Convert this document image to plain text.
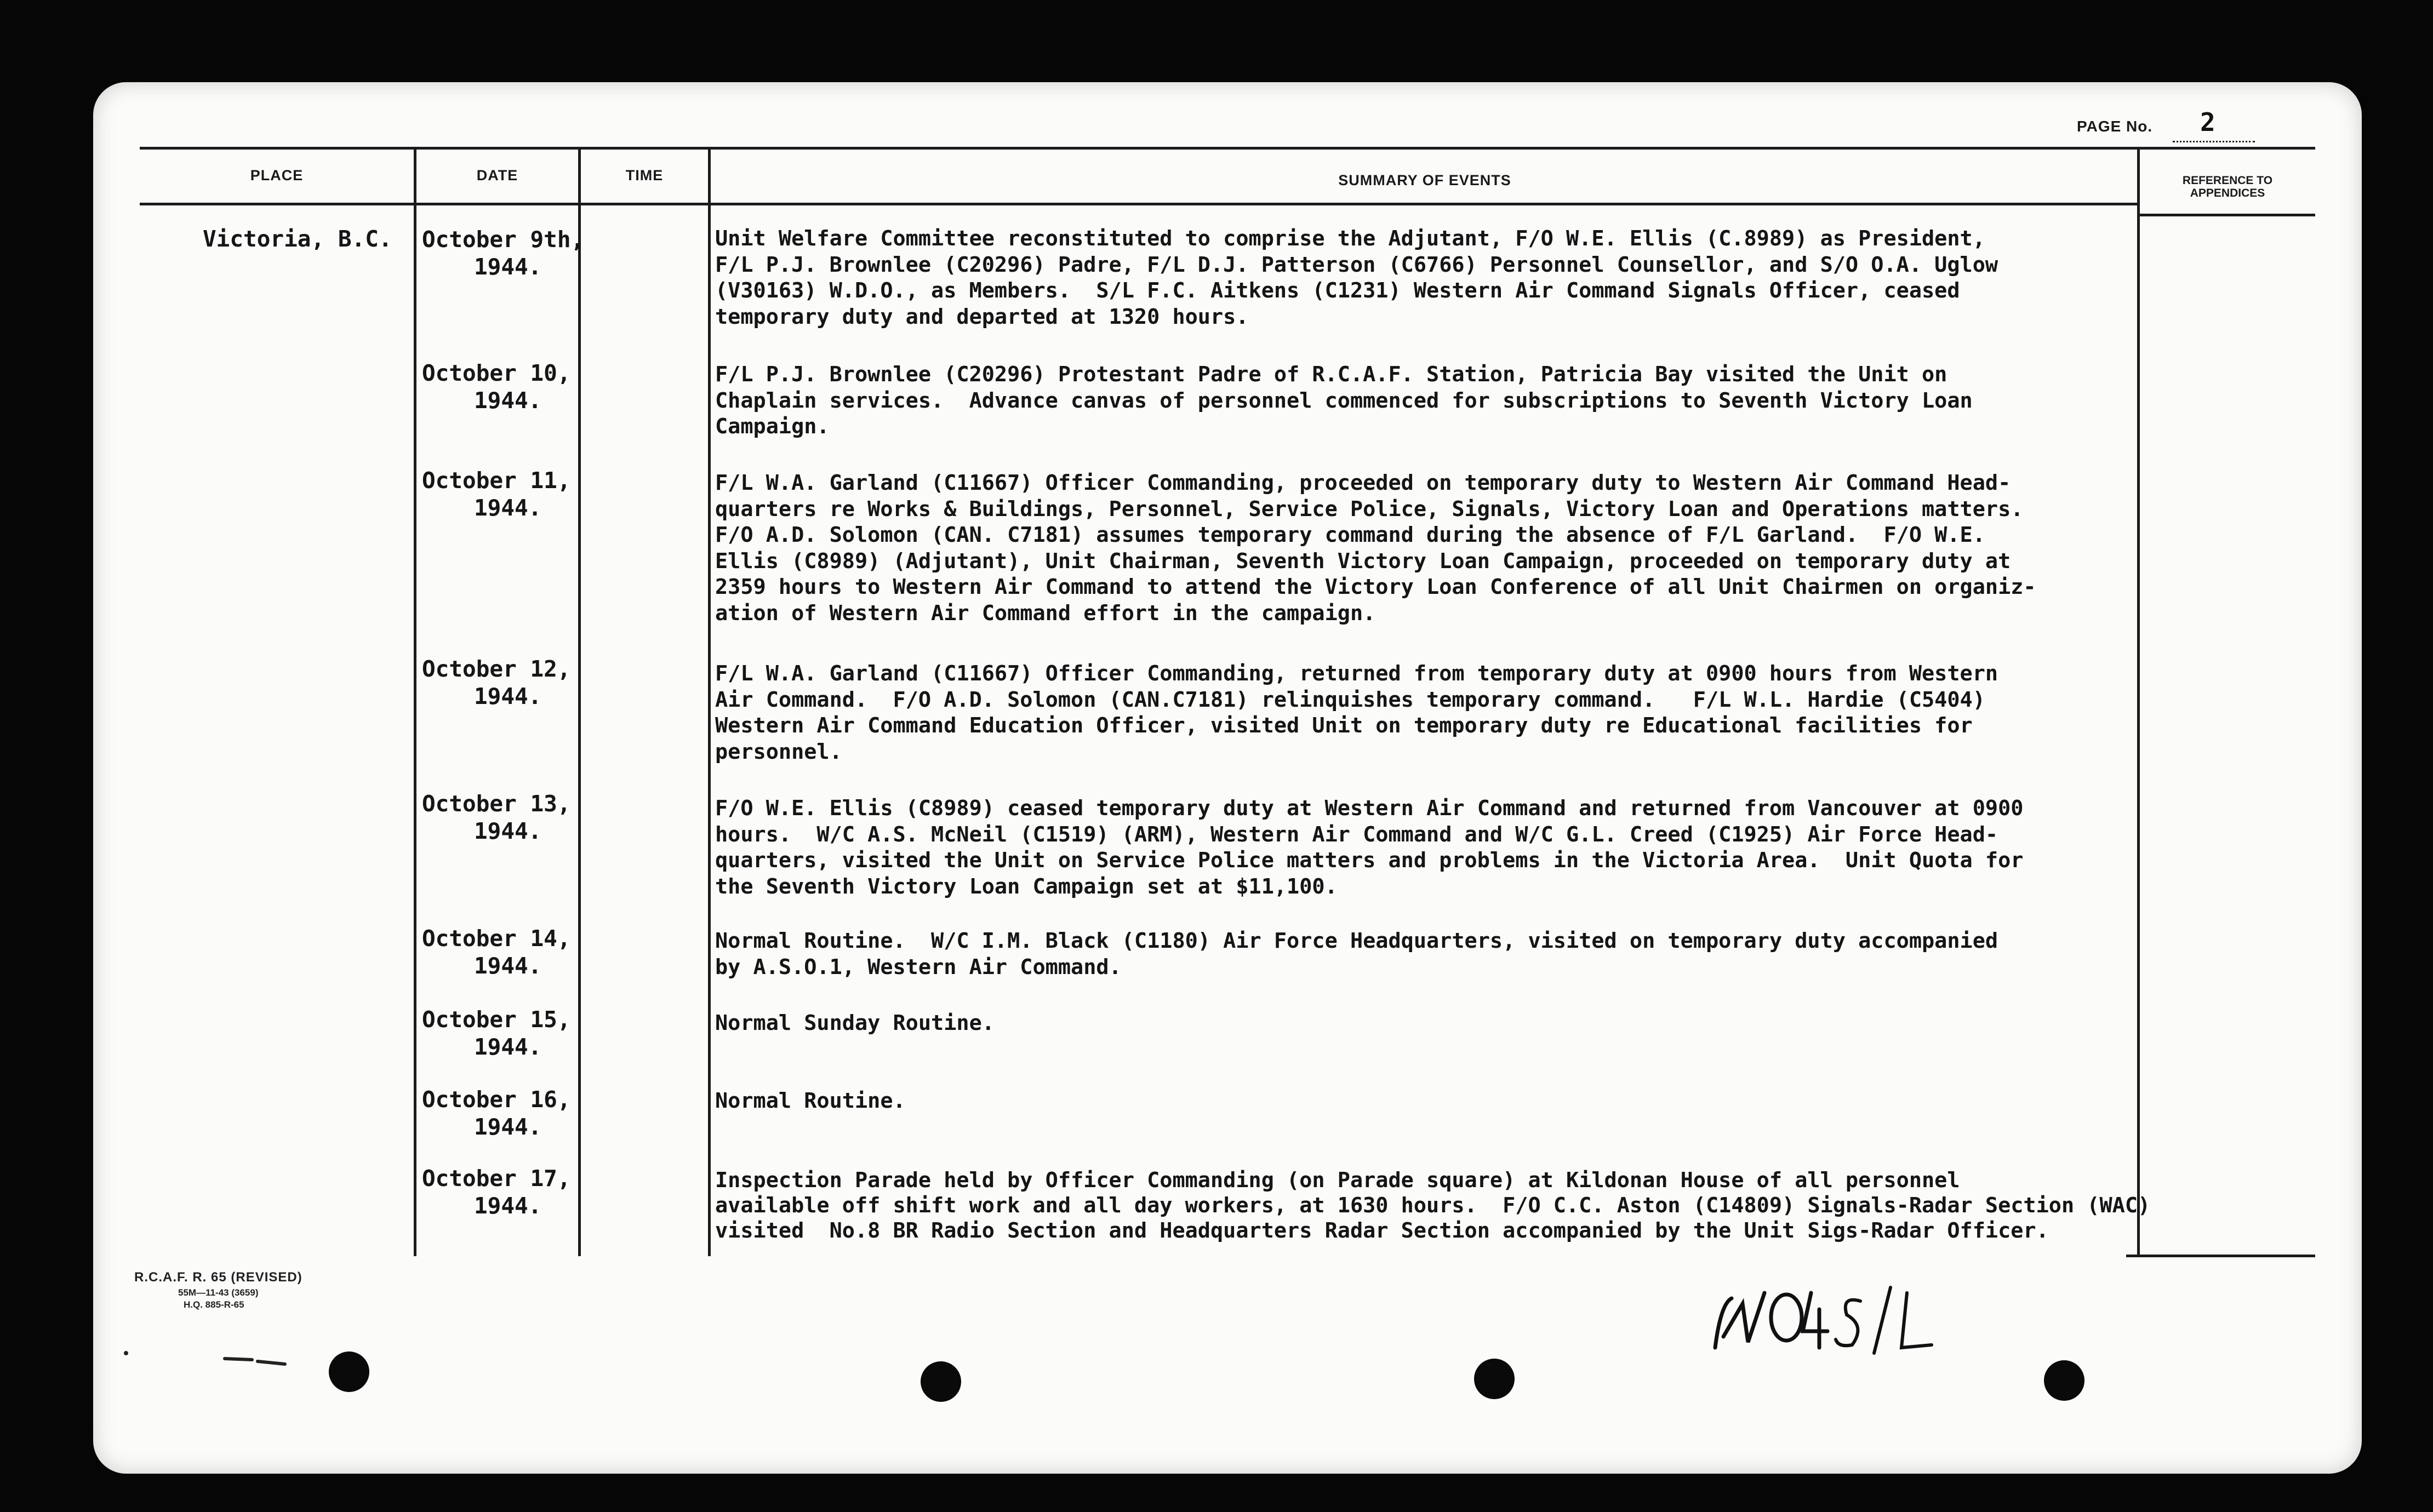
PAGE No. 2
PLACE	DATE	TIME	SUMMARY OF EVENTS	REFERENCE TO
APPENDICES
Victoria, B.C. October 9th,
1944.
Unit Welfare Committee reconstituted to comprise the Adjutant, F/O W.E. Ellis (C.8989) as President,
F/L P.J. Brownlee (C20296) Padre, F/L D.J. Patterson (C6766) Personnel Counsellor, and S/O O.A. Uglow
(V30163) W.D.O., as Members.  S/L F.C. Aitkens (C1231) Western Air Command Signals Officer, ceased
temporary duty and departed at 1320 hours.
October 10,
1944.
F/L P.J. Brownlee (C20296) Protestant Padre of R.C.A.F. Station, Patricia Bay visited the Unit on
Chaplain services.  Advance canvas of personnel commenced for subscriptions to Seventh Victory Loan
Campaign.
October 11,
1944.
F/L W.A. Garland (C11667) Officer Commanding, proceeded on temporary duty to Western Air Command Head-
quarters re Works & Buildings, Personnel, Service Police, Signals, Victory Loan and Operations matters.
F/O A.D. Solomon (CAN. C7181) assumes temporary command during the absence of F/L Garland.  F/O W.E.
Ellis (C8989) (Adjutant), Unit Chairman, Seventh Victory Loan Campaign, proceeded on temporary duty at
2359 hours to Western Air Command to attend the Victory Loan Conference of all Unit Chairmen on organiz-
ation of Western Air Command effort in the campaign.
October 12,
1944.
F/L W.A. Garland (C11667) Officer Commanding, returned from temporary duty at 0900 hours from Western
Air Command.  F/O A.D. Solomon (CAN.C7181) relinquishes temporary command.   F/L W.L. Hardie (C5404)
Western Air Command Education Officer, visited Unit on temporary duty re Educational facilities for
personnel.
October 13,
1944.
F/O W.E. Ellis (C8989) ceased temporary duty at Western Air Command and returned from Vancouver at 0900
hours.  W/C A.S. McNeil (C1519) (ARM), Western Air Command and W/C G.L. Creed (C1925) Air Force Head-
quarters, visited the Unit on Service Police matters and problems in the Victoria Area.  Unit Quota for
the Seventh Victory Loan Campaign set at $11,100.
October 14,
1944.
Normal Routine.  W/C I.M. Black (C1180) Air Force Headquarters, visited on temporary duty accompanied
by A.S.O.1, Western Air Command.
October 15,
1944.
Normal Sunday Routine.
October 16,
1944.
Normal Routine.
October 17,
1944.
Inspection Parade held by Officer Commanding (on Parade square) at Kildonan House of all personnel
available off shift work and all day workers, at 1630 hours.  F/O C.C. Aston (C14809) Signals-Radar Section (WAC)
visited  No.8 BR Radio Section and Headquarters Radar Section accompanied by the Unit Sigs-Radar Officer.
R.C.A.F. R. 65 (REVISED)
55M—11-43 (3659)
H.Q. 885-R-65
